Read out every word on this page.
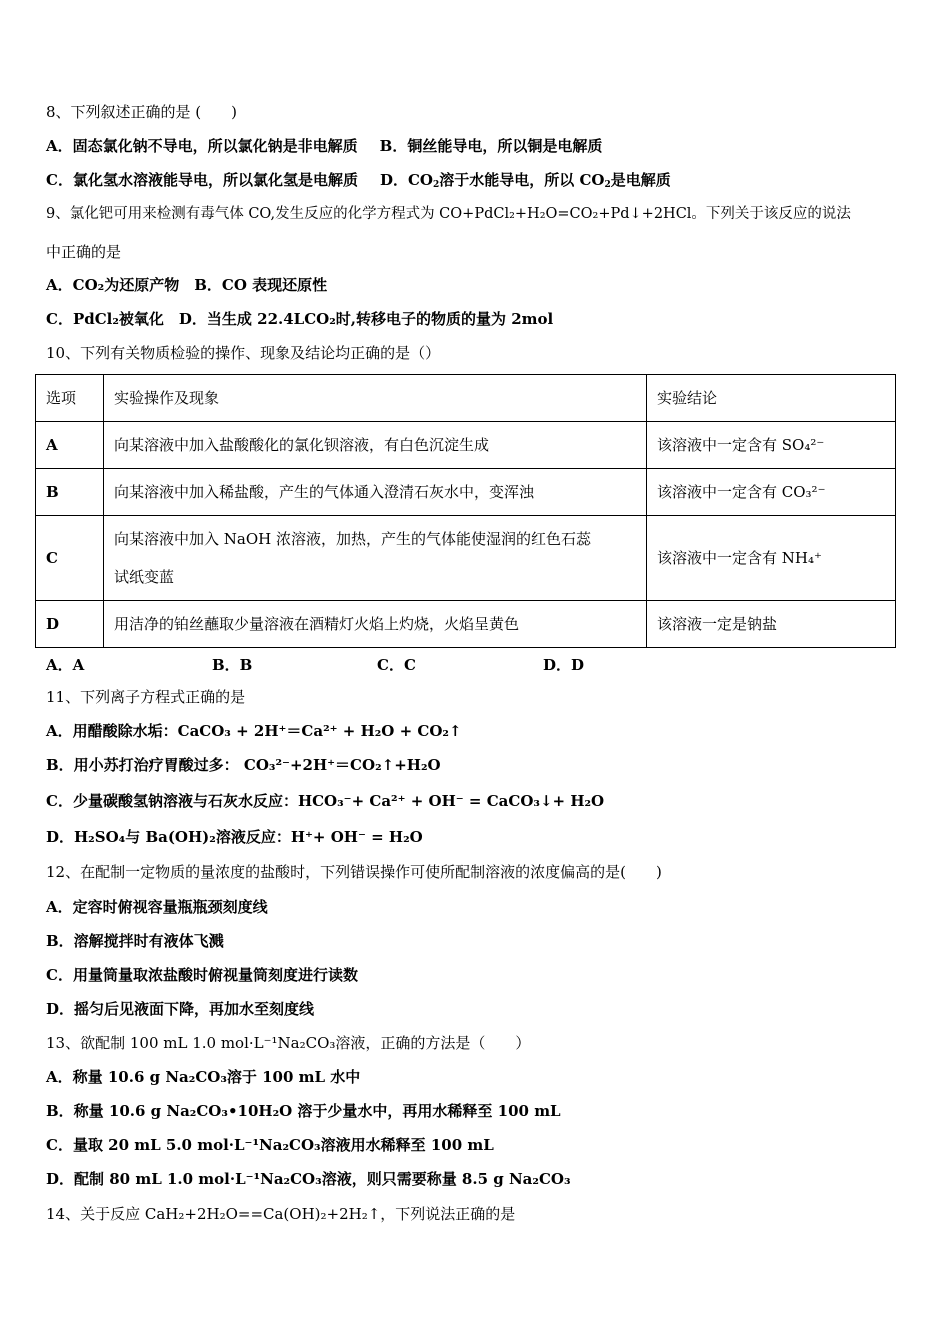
8、下列叙述正确的是 (　　)
A．固态氯化钠不导电，所以氯化钠是非电解质 B．铜丝能导电，所以铜是电解质
C．氯化氢水溶液能导电，所以氯化氢是电解质 D．$CO_2$溶于水能导电，所以 $CO_2$是电解质
9、氯化钯可用来检测有毒气体 CO,发生反应的化学方程式为 CO+PdCl₂+H₂O=CO₂+Pd↓+2HCl。下列关于该反应的说法
中正确的是
A．CO₂为还原产物　B．CO 表现还原性
C．PdCl₂被氧化　D．当生成 22.4LCO₂时,转移电子的物质的量为 2mol
10、下列有关物质检验的操作、现象及结论均正确的是（）
选项	实验操作及现象	实验结论
A	向某溶液中加入盐酸酸化的氯化钡溶液，有白色沉淀生成	该溶液中一定含有 SO₄²⁻
B	向某溶液中加入稀盐酸，产生的气体通入澄清石灰水中，变浑浊	该溶液中一定含有 CO₃²⁻
C	向某溶液中加入 NaOH 浓溶液，加热，产生的气体能使湿润的红色石蕊
试纸变蓝	该溶液中一定含有 NH₄⁺
D	用洁净的铂丝蘸取少量溶液在酒精灯火焰上灼烧，火焰呈黄色	该溶液一定是钠盐
A．A	B．B	C．C	D．D
11、下列离子方程式正确的是
A．用醋酸除水垢：CaCO₃ + 2H⁺＝Ca²⁺ + H₂O + CO₂↑
B．用小苏打治疗胃酸过多： CO₃²⁻+2H⁺＝CO₂↑+H₂O
C．少量碳酸氢钠溶液与石灰水反应：HCO₃⁻+ Ca²⁺ + OH⁻ = CaCO₃↓+ H₂O
D．H₂SO₄与 Ba(OH)₂溶液反应：H⁺+ OH⁻ = H₂O
12、在配制一定物质的量浓度的盐酸时，下列错误操作可使所配制溶液的浓度偏高的是(　　)
A．定容时俯视容量瓶瓶颈刻度线
B．溶解搅拌时有液体飞溅
C．用量筒量取浓盐酸时俯视量筒刻度进行读数
D．摇匀后见液面下降，再加水至刻度线
13、欲配制 100 mL 1.0 mol·L⁻¹Na₂CO₃溶液，正确的方法是（　　）
A．称量 10.6 g Na₂CO₃溶于 100 mL 水中
B．称量 10.6 g Na₂CO₃•10H₂O 溶于少量水中，再用水稀释至 100 mL
C．量取 20 mL 5.0 mol·L⁻¹Na₂CO₃溶液用水稀释至 100 mL
D．配制 80 mL 1.0 mol·L⁻¹Na₂CO₃溶液，则只需要称量 8.5 g Na₂CO₃
14、关于反应 CaH₂+2H₂O==Ca(OH)₂+2H₂↑，下列说法正确的是
